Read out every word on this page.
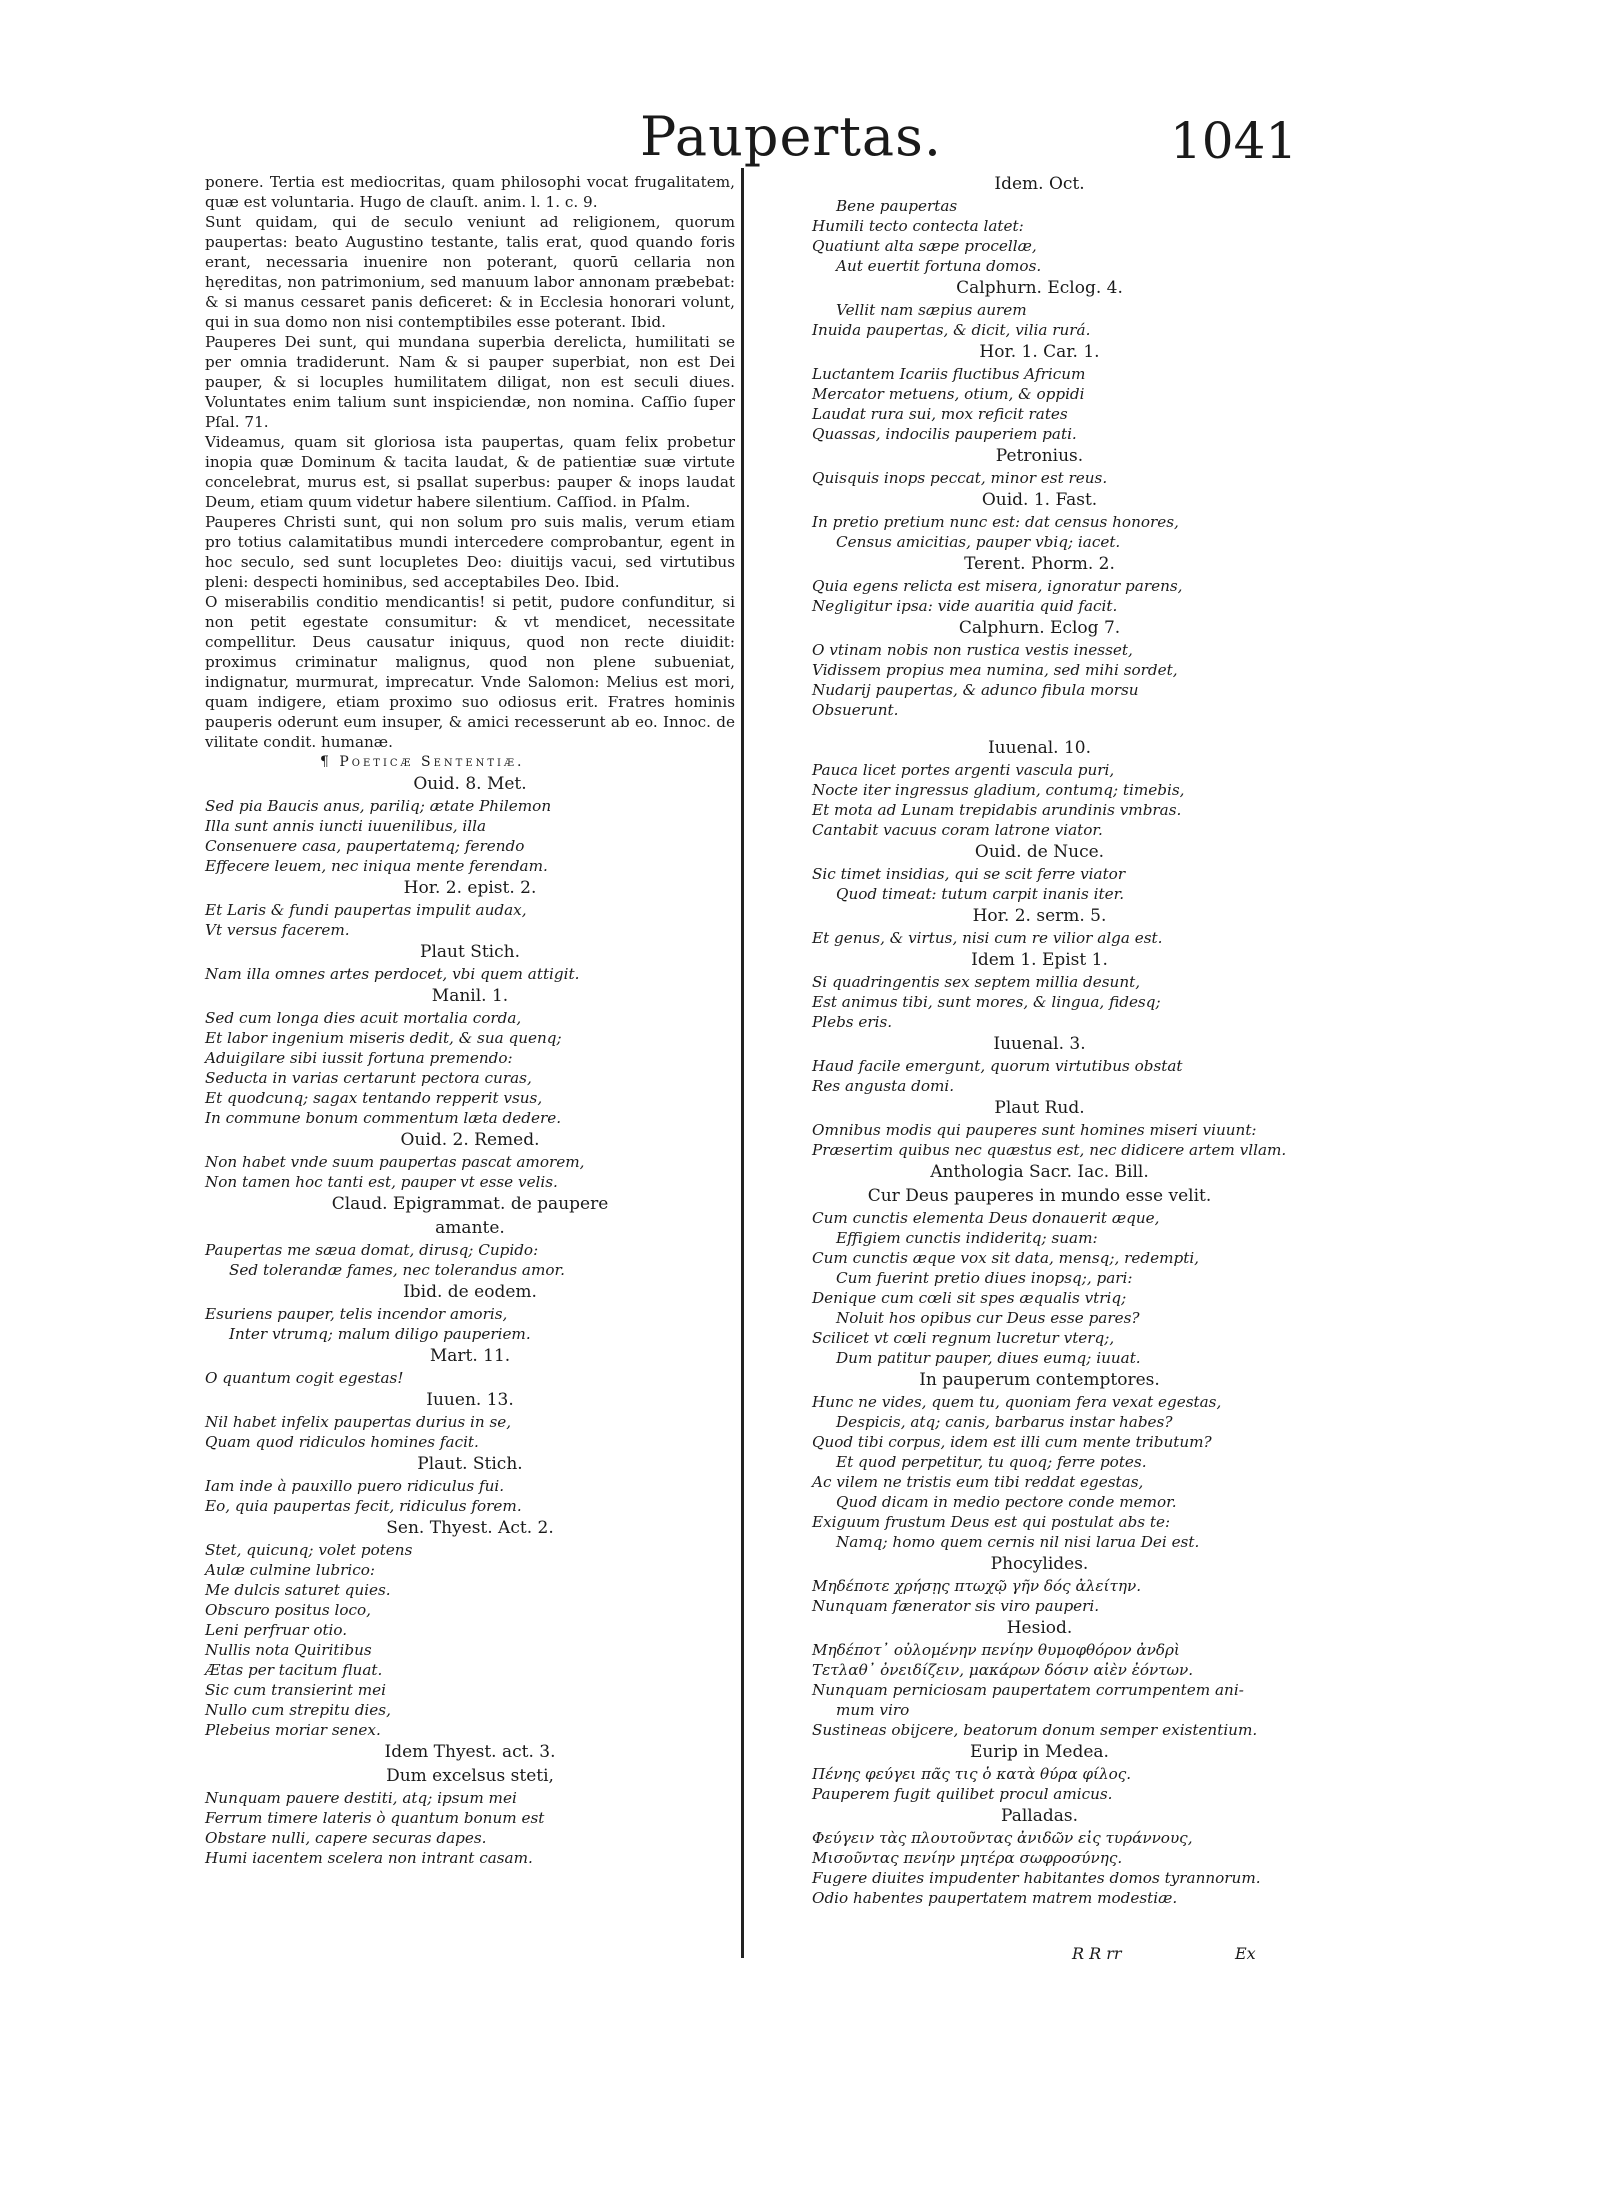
Paupertas.	1041

ponere. Tertia est mediocritas, quam philosophi vocat frugalitatem, quæ est voluntaria. Hugo de clauſt. anim. l. 1. c. 9.

Sunt quidam, qui de seculo veniunt ad religionem, quorum paupertas: beato Augustino testante, talis erat, quod quando foris erant, necessaria inuenire non poterant, quorū cellaria non hęreditas, non patrimonium, sed manuum labor annonam præbebat: & si manus cessaret panis deficeret: & in Ecclesia honorari volunt, qui in sua domo non nisi contemptibiles esse poterant. Ibid.

Pauperes Dei sunt, qui mundana superbia derelicta, humilitati se per omnia tradiderunt. Nam & si pauper superbiat, non est Dei pauper, & si locuples humilitatem diligat, non est seculi diues. Voluntates enim talium sunt inspiciendæ, non nomina. Caſſio ſuper Pſal. 71.

Videamus, quam sit gloriosa ista paupertas, quam felix probetur inopia quæ Dominum & tacita laudat, & de patientiæ suæ virtute concelebrat, murus est, si psallat superbus: pauper & inops laudat Deum, etiam quum videtur habere silentium. Caſſiod. in Pſalm.

Pauperes Christi sunt, qui non solum pro suis malis, verum etiam pro totius calamitatibus mundi intercedere comprobantur, egent in hoc seculo, sed sunt locupletes Deo: diuitijs vacui, sed virtutibus pleni: despecti hominibus, sed acceptabiles Deo. Ibid.

O miserabilis conditio mendicantis! si petit, pudore confunditur, si non petit egestate consumitur: & vt mendicet, necessitate compellitur. Deus causatur iniquus, quod non recte diuidit: proximus criminatur malignus, quod non plene subueniat, indignatur, murmurat, imprecatur. Vnde Salomon: Melius est mori, quam indigere, etiam proximo suo odiosus erit. Fratres hominis pauperis oderunt eum insuper, & amici recesserunt ab eo. Innoc. de vilitate condit. humanæ.

¶ Poeticæ Sententiæ.

Ouid. 8. Met.

Sed pia Baucis anus, pariliq; ætate Philemon

Illa sunt annis iuncti iuuenilibus, illa

Consenuere casa, paupertatemq; ferendo

Effecere leuem, nec iniqua mente ferendam.

Hor. 2. epist. 2.

Et Laris & fundi paupertas impulit audax,

Vt versus facerem.

Plaut Stich.

Nam illa omnes artes perdocet, vbi quem attigit.

Manil. 1.

Sed cum longa dies acuit mortalia corda,

Et labor ingenium miseris dedit, & sua quenq;

Aduigilare sibi iussit fortuna premendo:

Seducta in varias certarunt pectora curas,

Et quodcunq; sagax tentando repperit vsus,

In commune bonum commentum læta dedere.

Ouid. 2. Remed.

Non habet vnde suum paupertas pascat amorem,

Non tamen hoc tanti est, pauper vt esse velis.

Claud. Epigrammat. de paupere

amante.

Paupertas me sæua domat, dirusq; Cupido:

Sed tolerandæ fames, nec tolerandus amor.

Ibid. de eodem.

Esuriens pauper, telis incendor amoris,

Inter vtrumq; malum diligo pauperiem.

Mart. 11.

O quantum cogit egestas!

Iuuen. 13.

Nil habet infelix paupertas durius in se,

Quam quod ridiculos homines facit.

Plaut. Stich.

Iam inde à pauxillo puero ridiculus fui.

Eo, quia paupertas fecit, ridiculus forem.

Sen. Thyest. Act. 2.

Stet, quicunq; volet potens

Aulæ culmine lubrico:

Me dulcis saturet quies.

Obscuro positus loco,

Leni perfruar otio.

Nullis nota Quiritibus

Ætas per tacitum fluat.

Sic cum transierint mei

Nullo cum strepitu dies,

Plebeius moriar senex.

Idem Thyest. act. 3.

Dum excelsus steti,

Nunquam pauere destiti, atq; ipsum mei

Ferrum timere lateris ò quantum bonum est

Obstare nulli, capere securas dapes.

Humi iacentem scelera non intrant casam.

Idem. Oct.

Bene paupertas

Humili tecto contecta latet:

Quatiunt alta sæpe procellæ,

Aut euertit fortuna domos.

Calphurn. Eclog. 4.

Vellit nam sæpius aurem

Inuida paupertas, & dicit, vilia rurá.

Hor. 1. Car. 1.

Luctantem Icariis fluctibus Africum

Mercator metuens, otium, & oppidi

Laudat rura sui, mox reficit rates

Quassas, indocilis pauperiem pati.

Petronius.

Quisquis inops peccat, minor est reus.

Ouid. 1. Fast.

In pretio pretium nunc est: dat census honores,

Census amicitias, pauper vbiq; iacet.

Terent. Phorm. 2.

Quia egens relicta est misera, ignoratur parens,

Negligitur ipsa: vide auaritia quid facit.

Calphurn. Eclog 7.

O vtinam nobis non rustica vestis inesset,

Vidissem propius mea numina, sed mihi sordet,

Nudarij paupertas, & adunco fibula morsu

Obsuerunt.

Iuuenal. 10.

Pauca licet portes argenti vascula puri,

Nocte iter ingressus gladium, contumq; timebis,

Et mota ad Lunam trepidabis arundinis vmbras.

Cantabit vacuus coram latrone viator.

Ouid. de Nuce.

Sic timet insidias, qui se scit ferre viator

Quod timeat: tutum carpit inanis iter.

Hor. 2. serm. 5.

Et genus, & virtus, nisi cum re vilior alga est.

Idem 1. Epist 1.

Si quadringentis sex septem millia desunt,

Est animus tibi, sunt mores, & lingua, fidesq;

Plebs eris.

Iuuenal. 3.

Haud facile emergunt, quorum virtutibus obstat

Res angusta domi.

Plaut Rud.

Omnibus modis qui pauperes sunt homines miseri viuunt:

Præsertim quibus nec quæstus est, nec didicere artem vllam.

Anthologia Sacr. Iac. Bill.

Cur Deus pauperes in mundo esse velit.

Cum cunctis elementa Deus donauerit æque,

Effigiem cunctis indideritq; suam:

Cum cunctis æque vox sit data, mensq;, redempti,

Cum fuerint pretio diues inopsq;, pari:

Denique cum cœli sit spes æqualis vtriq;

Noluit hos opibus cur Deus esse pares?

Scilicet vt cœli regnum lucretur vterq;,

Dum patitur pauper, diues eumq; iuuat.

In pauperum contemptores.

Hunc ne vides, quem tu, quoniam fera vexat egestas,

Despicis, atq; canis, barbarus instar habes?

Quod tibi corpus, idem est illi cum mente tributum?

Et quod perpetitur, tu quoq; ferre potes.

Ac vilem ne tristis eum tibi reddat egestas,

Quod dicam in medio pectore conde memor.

Exiguum frustum Deus est qui postulat abs te:

Namq; homo quem cernis nil nisi larua Dei est.

Phocylides.

Μηδέποτε χρήσῃς πτωχῷ γῆν δός ἀλείτην.

Nunquam fænerator sis viro pauperi.

Hesiod.

Μηδέποτ᾽ οὐλομένην πενίην θυμοφθόρον ἀνδρὶ

Τετλαθ᾽ ὀνειδίζειν, μακάρων δόσιν αἰὲν ἐόντων.

Nunquam perniciosam paupertatem corrumpentem ani-

mum viro

Sustineas obijcere, beatorum donum semper existentium.

Eurip in Medea.

Πένης φεύγει πᾶς τις ὁ κατὰ θύρα φίλος.

Pauperem fugit quilibet procul amicus.

Palladas.

Φεύγειν τὰς πλουτοῦντας ἀνιδῶν εἰς τυράννους,

Μισοῦντας πενίην μητέρα σωφροσύνης.

Fugere diuites impudenter habitantes domos tyrannorum.

Odio habentes paupertatem matrem modestiæ.

R R rr	Ex
